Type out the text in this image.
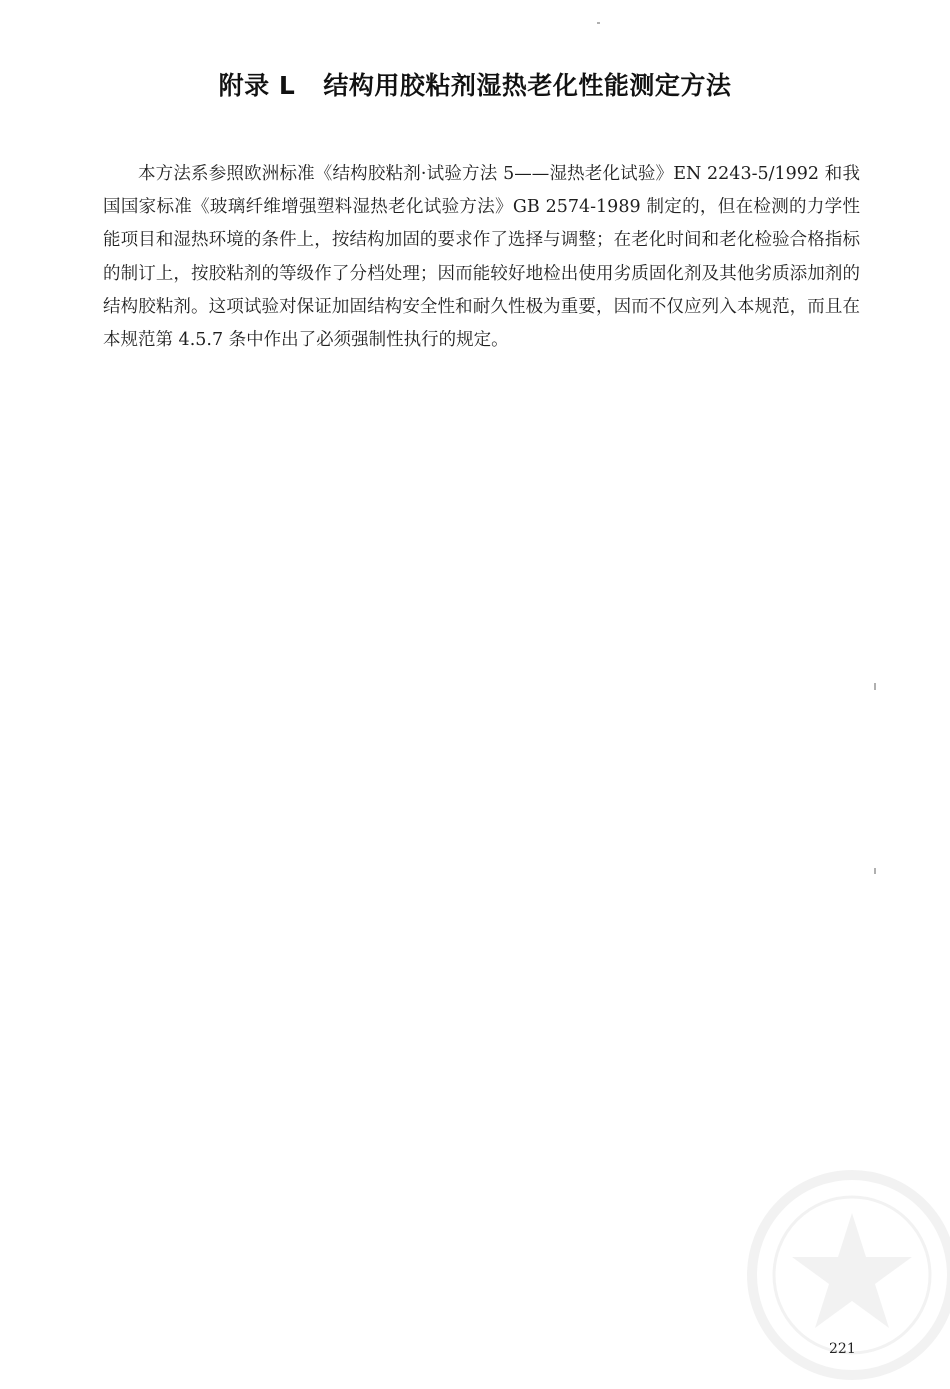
附录 L 结构用胶粘剂湿热老化性能测定方法

本方法系参照欧洲标准《结构胶粘剂·试验方法 5——湿热老化试验》EN 2243-5/1992 和我国国家标准《玻璃纤维增强塑料湿热老化试验方法》GB 2574-1989 制定的，但在检测的力学性能项目和湿热环境的条件上，按结构加固的要求作了选择与调整；在老化时间和老化检验合格指标的制订上，按胶粘剂的等级作了分档处理；因而能较好地检出使用劣质固化剂及其他劣质添加剂的结构胶粘剂。这项试验对保证加固结构安全性和耐久性极为重要，因而不仅应列入本规范，而且在本规范第 4.5.7 条中作出了必须强制性执行的规定。

221
